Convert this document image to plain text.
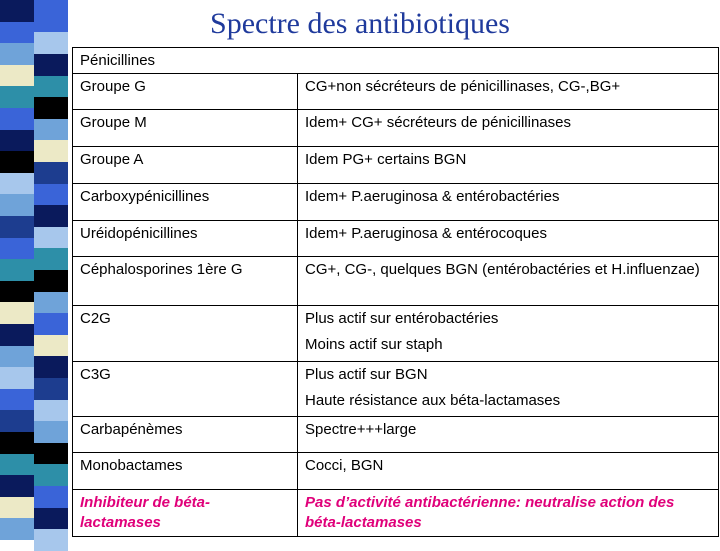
Spectre des antibiotiques
Pénicillines	

Groupe G	CG+non sécréteurs de pénicillinases, CG-,BG+

Groupe M	Idem+ CG+ sécréteurs de pénicillinases

Groupe A	Idem PG+ certains BGN

Carboxypénicillines	Idem+ P.aeruginosa & entérobactéries

Uréidopénicillines	Idem+ P.aeruginosa & entérocoques

Céphalosporines 1ère G	CG+, CG-, quelques BGN (entérobactéries et H.influenzae)

C2G	Plus actif sur entérobactéries
Moins actif sur staph

C3G	Plus actif sur BGN
Haute résistance aux béta-lactamases

Carbapénèmes	Spectre+++large

Monobactames	Cocci, BGN

Inhibiteur de béta-lactamases	Pas d’activité antibactérienne: neutralise action des béta-lactamases
